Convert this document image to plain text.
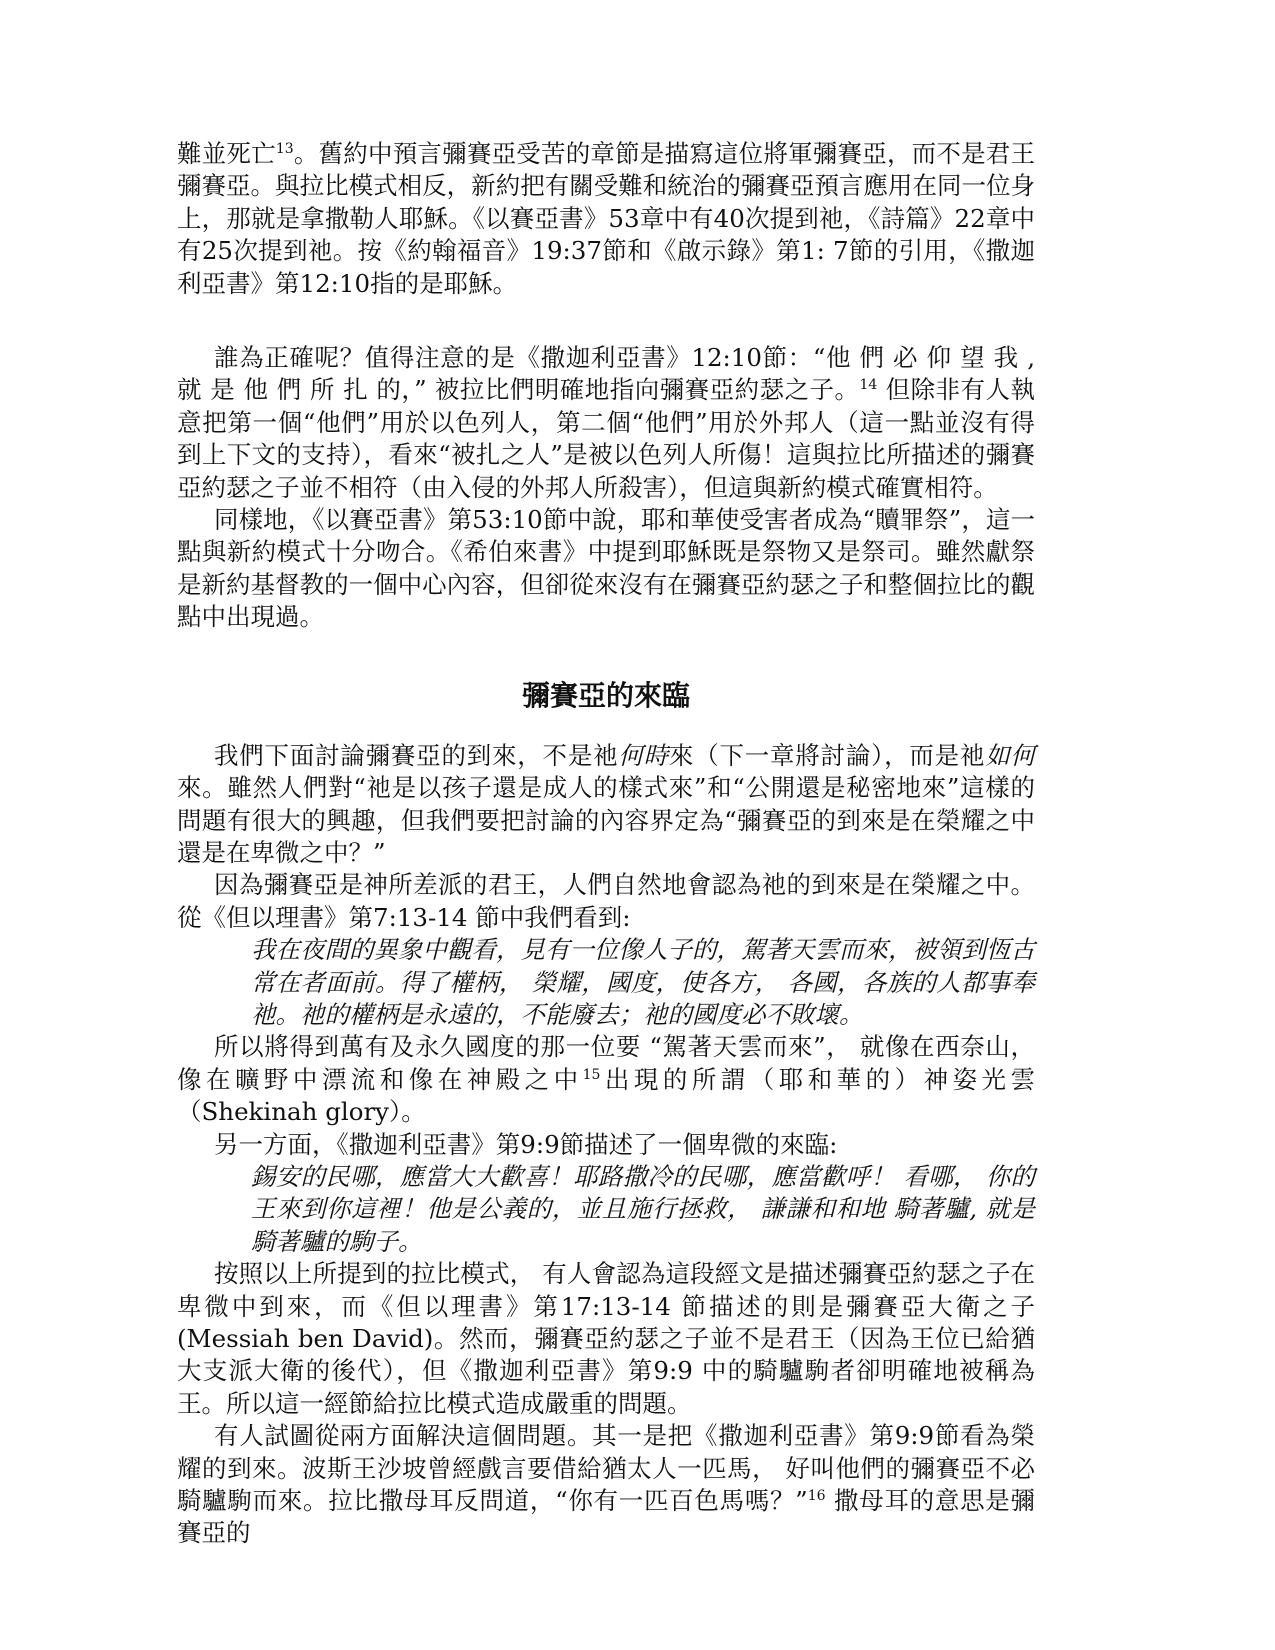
難並死亡$^{13}$。舊約中預言彌賽亞受苦的章節是描寫這位將軍彌賽亞，而不是君王彌賽亞。與拉比模式相反，新約把有關受難和統治的彌賽亞預言應用在同一位身上，那就是拿撒勒人耶穌。《以賽亞書》53章中有40次提到祂，《詩篇》22章中有25次提到祂。按《約翰福音》19:37節和《啟示錄》第1: 7節的引用，《撒迦利亞書》第12:10指的是耶穌。

誰為正確呢？值得注意的是《撒迦利亞書》12:10節：“他 們 必 仰 望 我 , 就 是 他 們 所 扎 的，” 被拉比們明確地指向彌賽亞約瑟之子。$^{14}$ 但除非有人執意把第一個“他們”用於以色列人，第二個“他們”用於外邦人（這一點並沒有得到上下文的支持），看來“被扎之人”是被以色列人所傷！這與拉比所描述的彌賽亞約瑟之子並不相符（由入侵的外邦人所殺害），但這與新約模式確實相符。

同樣地，《以賽亞書》第53:10節中說，耶和華使受害者成為“贖罪祭”，這一點與新約模式十分吻合。《希伯來書》中提到耶穌既是祭物又是祭司。雖然獻祭是新約基督教的一個中心內容，但卻從來沒有在彌賽亞約瑟之子和整個拉比的觀點中出現過。

彌賽亞的來臨

我們下面討論彌賽亞的到來，不是祂何時來（下一章將討論），而是祂如何來。雖然人們對“祂是以孩子還是成人的樣式來”和“公開還是秘密地來”這樣的問題有很大的興趣，但我們要把討論的內容界定為“彌賽亞的到來是在榮耀之中還是在卑微之中？”

因為彌賽亞是神所差派的君王，人們自然地會認為祂的到來是在榮耀之中。從《但以理書》第7:13-14 節中我們看到:

我在夜間的異象中觀看，見有一位像人子的，駕著天雲而來，被領到恆古常在者面前。得了權柄， 榮耀，國度，使各方， 各國，各族的人都事奉祂。祂的權柄是永遠的，不能廢去；祂的國度必不敗壞。

所以將得到萬有及永久國度的那一位要 “駕著天雲而來”， 就像在西奈山，像在曠野中漂流和像在神殿之中$^{15}$出現的所謂（耶和華的）神姿光雲（Shekinah glory）。

另一方面，《撒迦利亞書》第9:9節描述了一個卑微的來臨:

錫安的民哪，應當大大歡喜！耶路撒冷的民哪，應當歡呼！ 看哪， 你的王來到你這裡！他是公義的，並且施行拯救， 謙謙和和地 騎著驢, 就是騎著驢的駒子。

按照以上所提到的拉比模式， 有人會認為這段經文是描述彌賽亞約瑟之子在卑微中到來，而《但以理書》第17:13-14 節描述的則是彌賽亞大衛之子 (Messiah ben David)。然而，彌賽亞約瑟之子並不是君王（因為王位已給猶大支派大衛的後代），但《撒迦利亞書》第9:9 中的騎驢駒者卻明確地被稱為王。所以這一經節給拉比模式造成嚴重的問題。

有人試圖從兩方面解決這個問題。其一是把《撒迦利亞書》第9:9節看為榮耀的到來。波斯王沙坡曾經戲言要借給猶太人一匹馬， 好叫他們的彌賽亞不必騎驢駒而來。拉比撒母耳反問道，“你有一匹百色馬嗎？”$^{16}$ 撒母耳的意思是彌賽亞的
